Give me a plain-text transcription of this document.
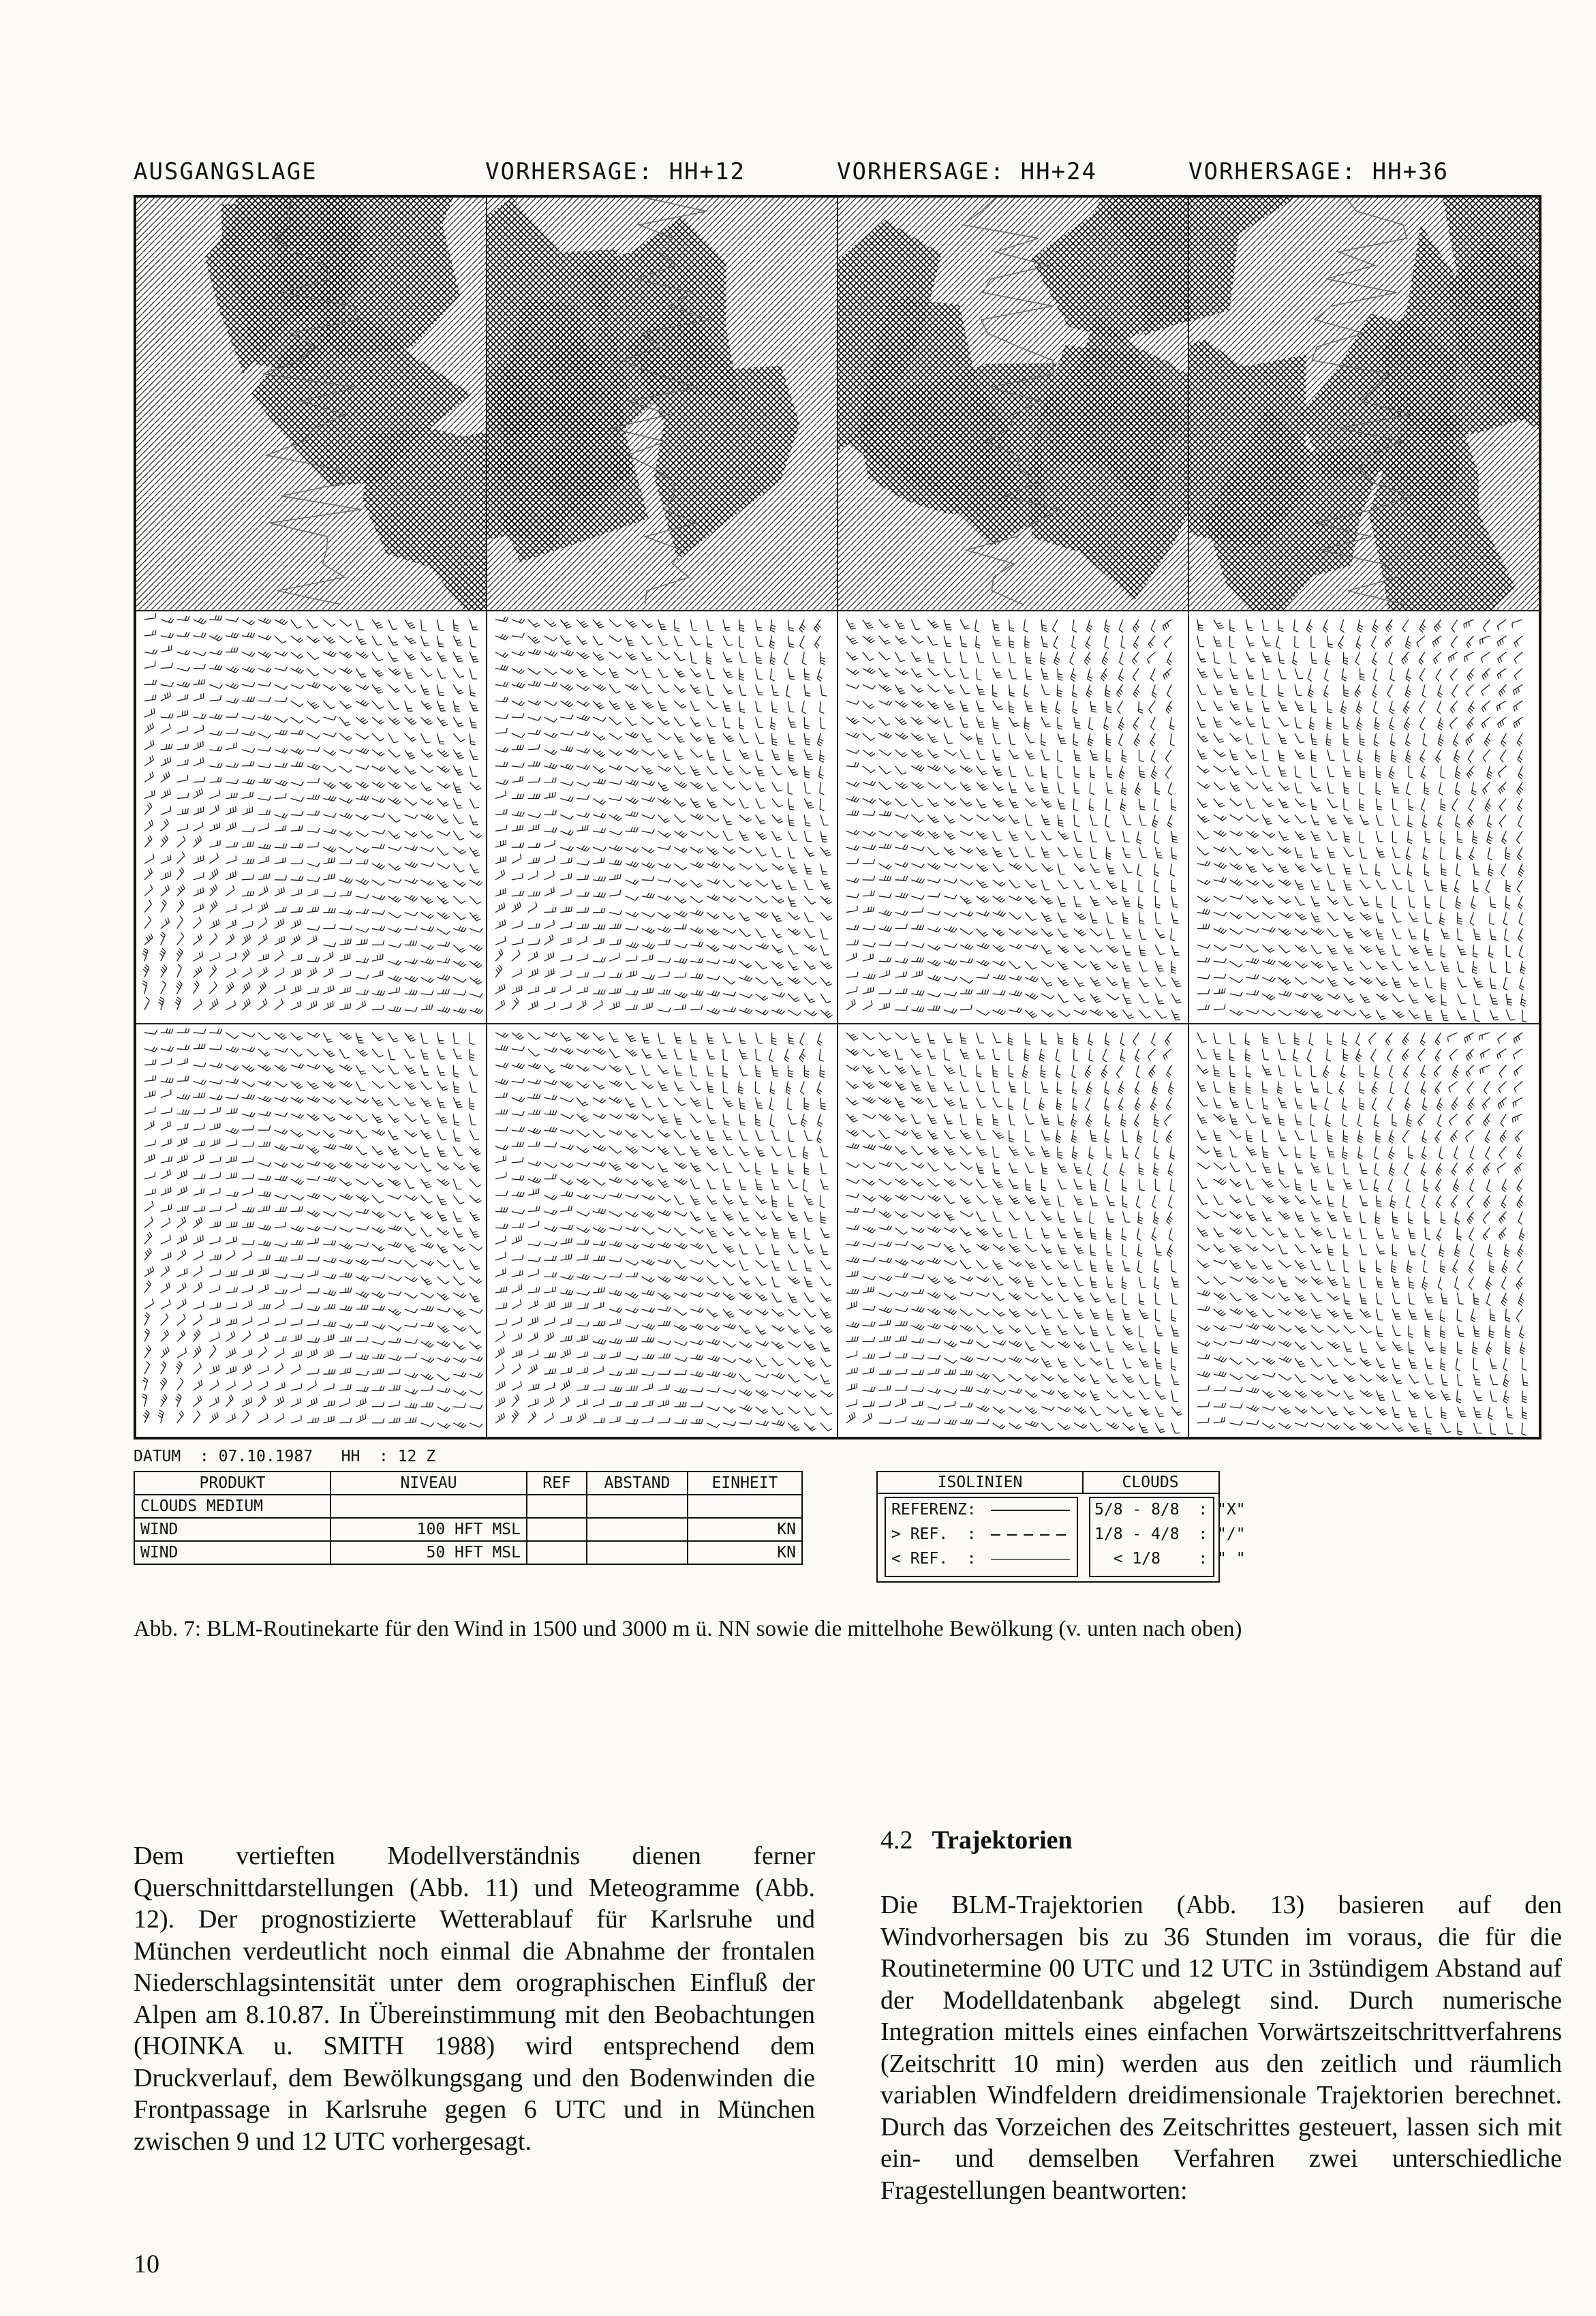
AUSGANGSLAGE	VORHERSAGE: HH+12	VORHERSAGE: HH+24	VORHERSAGE: HH+36
DATUM  : 07.10.1987   HH  : 12 Z
PRODUKT	NIVEAU	REF	ABSTAND	EINHEIT
CLOUDS MEDIUM				
WIND	100 HFT MSL			KN
WIND	50 HFT MSL			KN
ISOLINIEN	CLOUDS
REFERENZ:
> REF.  :
< REF.  :
5/8 - 8/8  : "X"
1/8 - 4/8  : "/"
< 1/8    : " "
Abb. 7: BLM-Routinekarte für den Wind in 1500 und 3000 m ü. NN sowie die mittelhohe Bewölkung (v. unten nach oben)

Dem vertieften Modellverständnis dienen ferner Querschnittdarstellungen (Abb. 11) und Meteogramme (Abb. 12). Der prognostizierte Wetterablauf für Karlsruhe und München verdeutlicht noch einmal die Abnahme der frontalen Niederschlagsintensität unter dem orographischen Einfluß der Alpen am 8.10.87. In Übereinstimmung mit den Beobachtungen (HOINKA u. SMITH 1988) wird entsprechend dem Druckverlauf, dem Bewölkungsgang und den Bodenwinden die Frontpassage in Karlsruhe gegen 6 UTC und in München zwischen 9 und 12 UTC vorhergesagt.

4.2 Trajektorien

Die BLM-Trajektorien (Abb. 13) basieren auf den Windvorhersagen bis zu 36 Stunden im voraus, die für die Routinetermine 00 UTC und 12 UTC in 3stündigem Abstand auf der Modelldatenbank abgelegt sind. Durch numerische Integration mittels eines einfachen Vorwärtszeitschrittverfahrens (Zeitschritt 10 min) werden aus den zeitlich und räumlich variablen Windfeldern dreidimensionale Trajektorien berechnet. Durch das Vorzeichen des Zeitschrittes gesteuert, lassen sich mit ein- und demselben Verfahren zwei unterschiedliche Fragestellungen beantworten:

10
